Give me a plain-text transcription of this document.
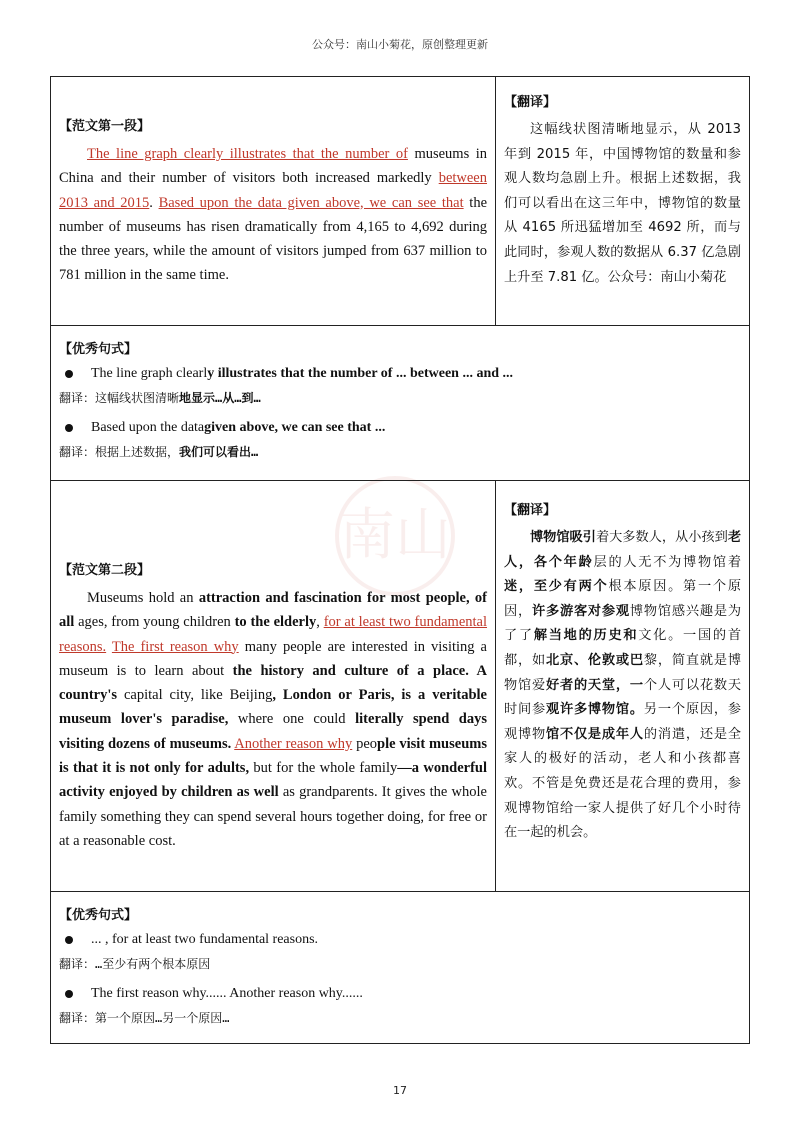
公众号：南山小菊花，原创整理更新
南山
【范文第一段】

The line graph clearly illustrates that the number of museums in China and their number of visitors both increased markedly between 2013 and 2015. Based upon the data given above, we can see that the number of museums has risen dramatically from 4,165 to 4,692 during the three years, while the amount of visitors jumped from 637 million to 781 million in the same time.

【翻译】

这幅线状图清晰地显示，从 2013 年到 2015 年，中国博物馆的数量和参观人数均急剧上升。根据上述数据，我们可以看出在这三年中，博物馆的数量从 4165 所迅猛增加至 4692 所，而与此同时，参观人数的数据从 6.37 亿急剧上升至 7.81 亿。公众号：南山小菊花

【优秀句式】

The line graph clearl y illustrates that the number of ... between ... and ...

翻译：这幅线状图清晰地显示…从…到…

Based upon the data given above, we can see that ...

翻译：根据上述数据，我们可以看出…

【范文第二段】

Museums hold an attraction and fascination for most people, of all ages, from young children to the elderly, for at least two fundamental reasons. The first reason why many people are interested in visiting a museum is to learn about the history and culture of a place. A country's capital city, like Beijing, London or Paris, is a veritable museum lover's paradise, where one could literally spend days visiting dozens of museums. Another reason why people visit museums is that it is not only for adults, but for the whole family—a wonderful activity enjoyed by children as well as grandparents. It gives the whole family something they can spend several hours together doing, for free or at a reasonable cost.

【翻译】

博物馆吸引着大多数人，从小孩到老人，各个年龄层的人无不为博物馆着迷，至少有两个根本原因。第一个原因，许多游客对参观博物馆感兴趣是为了了解当地的历史和文化。一国的首都，如北京、伦敦或巴黎，简直就是博物馆爱好者的天堂，一个人可以花数天时间参观许多博物馆。另一个原因，参观博物馆不仅是成年人的消遣，还是全家人的极好的活动，老人和小孩都喜欢。不管是免费还是花合理的费用，参观博物馆给一家人提供了好几个小时待在一起的机会。

【优秀句式】

... , for at least two fundamental reasons.

翻译：…至少有两个根本原因

The first reason why...... Another reason why......

翻译：第一个原因…另一个原因…

17
